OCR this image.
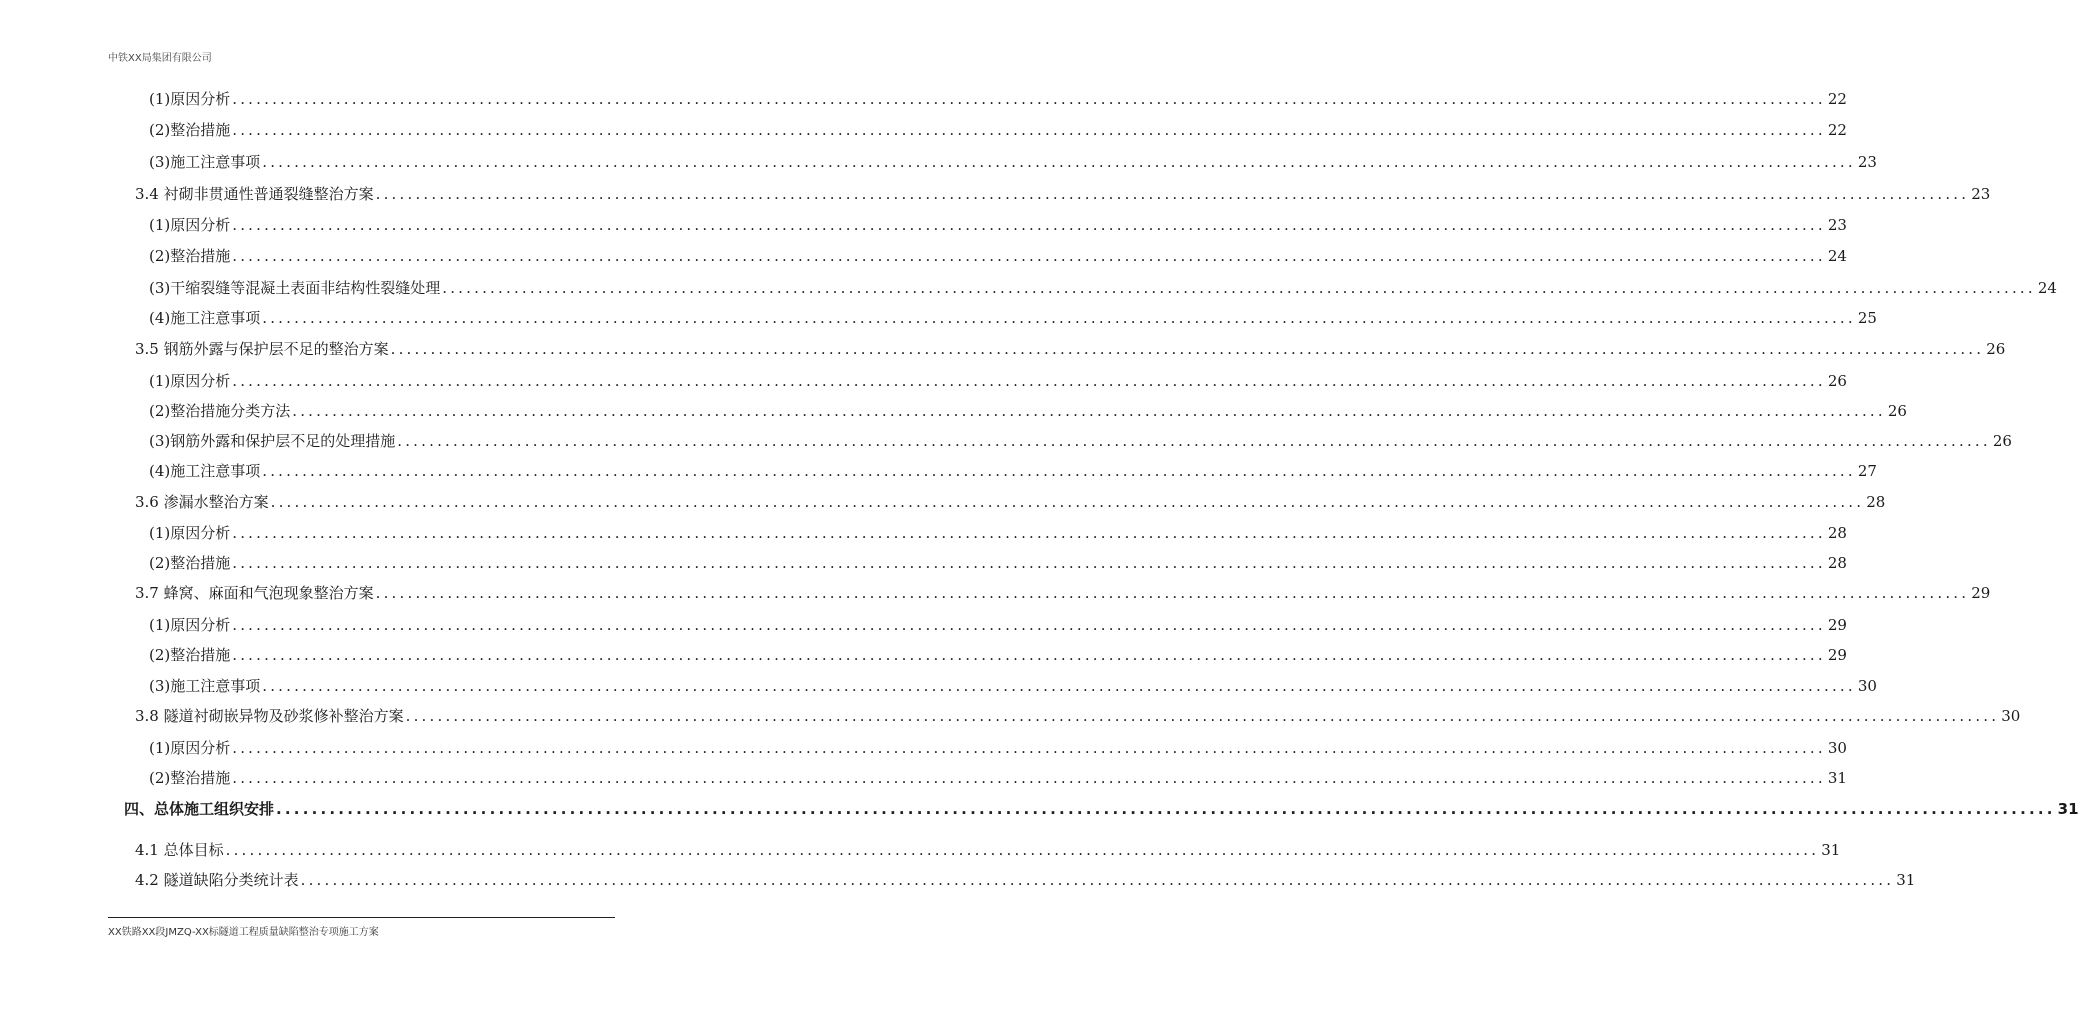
中铁XX局集团有限公司
(1)原因分析 ........................................................................................................................................................................................................ 22
(2)整治措施 ........................................................................................................................................................................................................ 22
(3)施工注意事项 ........................................................................................................................................................................................................ 23
3.4 衬砌非贯通性普通裂缝整治方案 ........................................................................................................................................................................................................ 23
(1)原因分析 ........................................................................................................................................................................................................ 23
(2)整治措施 ........................................................................................................................................................................................................ 24
(3)干缩裂缝等混凝土表面非结构性裂缝处理 ........................................................................................................................................................................................................ 24
(4)施工注意事项 ........................................................................................................................................................................................................ 25
3.5 钢筋外露与保护层不足的整治方案 ........................................................................................................................................................................................................ 26
(1)原因分析 ........................................................................................................................................................................................................ 26
(2)整治措施分类方法 ........................................................................................................................................................................................................ 26
(3)钢筋外露和保护层不足的处理措施 ........................................................................................................................................................................................................ 26
(4)施工注意事项 ........................................................................................................................................................................................................ 27
3.6 渗漏水整治方案 ........................................................................................................................................................................................................ 28
(1)原因分析 ........................................................................................................................................................................................................ 28
(2)整治措施 ........................................................................................................................................................................................................ 28
3.7 蜂窝、麻面和气泡现象整治方案 ........................................................................................................................................................................................................ 29
(1)原因分析 ........................................................................................................................................................................................................ 29
(2)整治措施 ........................................................................................................................................................................................................ 29
(3)施工注意事项 ........................................................................................................................................................................................................ 30
3.8 隧道衬砌嵌异物及砂浆修补整治方案 ........................................................................................................................................................................................................ 30
(1)原因分析 ........................................................................................................................................................................................................ 30
(2)整治措施 ........................................................................................................................................................................................................ 31
四、总体施工组织安排 ........................................................................................................................................................................................................ 31
4.1 总体目标 ........................................................................................................................................................................................................ 31
4.2 隧道缺陷分类统计表 ........................................................................................................................................................................................................ 31
XX铁路XX段JMZQ-XX标隧道工程质量缺陷整治专项施工方案
